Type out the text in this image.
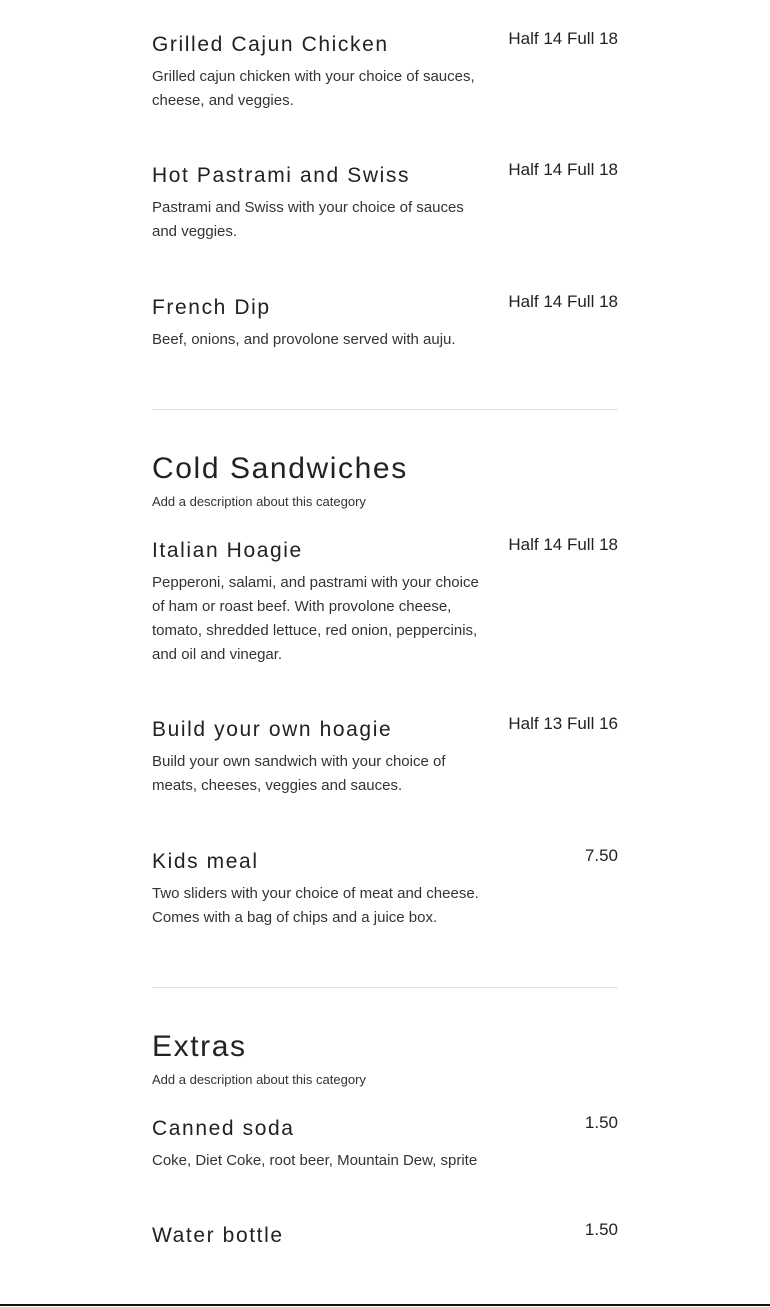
Grilled Cajun Chicken	Half 14 Full 18
Grilled cajun chicken with your choice of sauces, cheese, and veggies.
Hot Pastrami and Swiss	Half 14 Full 18
Pastrami and Swiss with your choice of sauces and veggies.
French Dip	Half 14 Full 18
Beef, onions, and provolone served with auju.
Cold Sandwiches
Add a description about this category
Italian Hoagie	Half 14 Full 18
Pepperoni, salami, and pastrami with your choice of ham or roast beef. With provolone cheese, tomato, shredded lettuce, red onion, peppercinis, and oil and vinegar.
Build your own hoagie	Half 13 Full 16
Build your own sandwich with your choice of meats, cheeses, veggies and sauces.
Kids meal	7.50
Two sliders with your choice of meat and cheese. Comes with a bag of chips and a juice box.
Extras
Add a description about this category
Canned soda	1.50
Coke, Diet Coke, root beer, Mountain Dew, sprite
Water bottle	1.50
